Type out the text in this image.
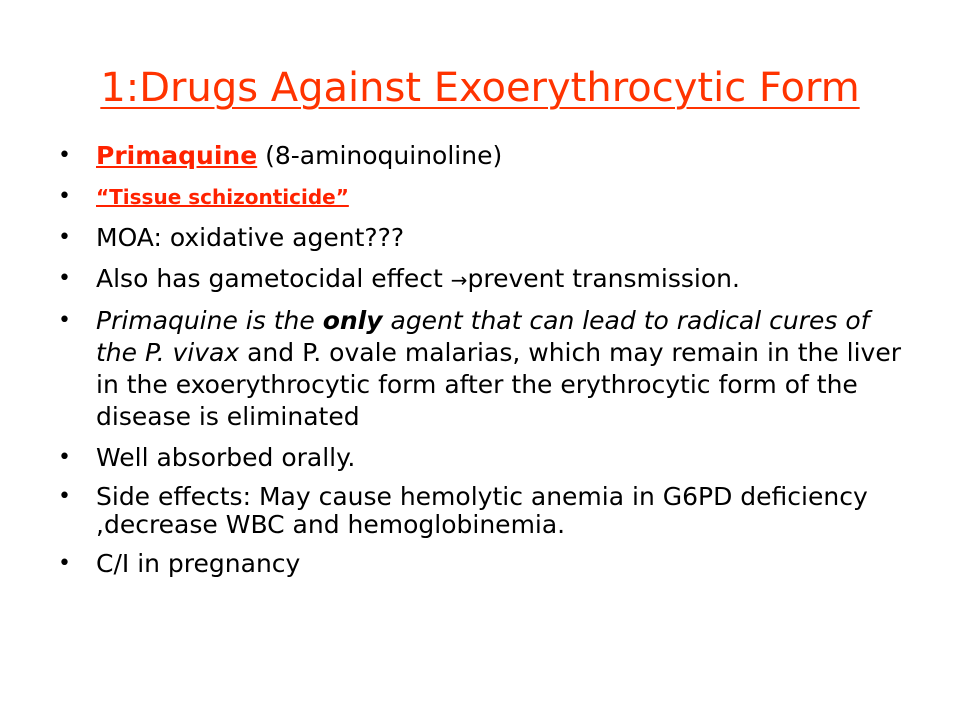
1:Drugs Against Exoerythrocytic Form
• Primaquine (8-aminoquinoline)
• “Tissue schizonticide”
• MOA: oxidative agent???
• Also has gametocidal effect →prevent transmission.
• Primaquine is the only agent that can lead to radical cures of the P. vivax and P. ovale malarias, which may remain in the liver in the exoerythrocytic form after the erythrocytic form of the disease is eliminated
• Well absorbed orally.
• Side effects: May cause hemolytic anemia in G6PD deficiency ,decrease WBC and hemoglobinemia.
• C/I in pregnancy
